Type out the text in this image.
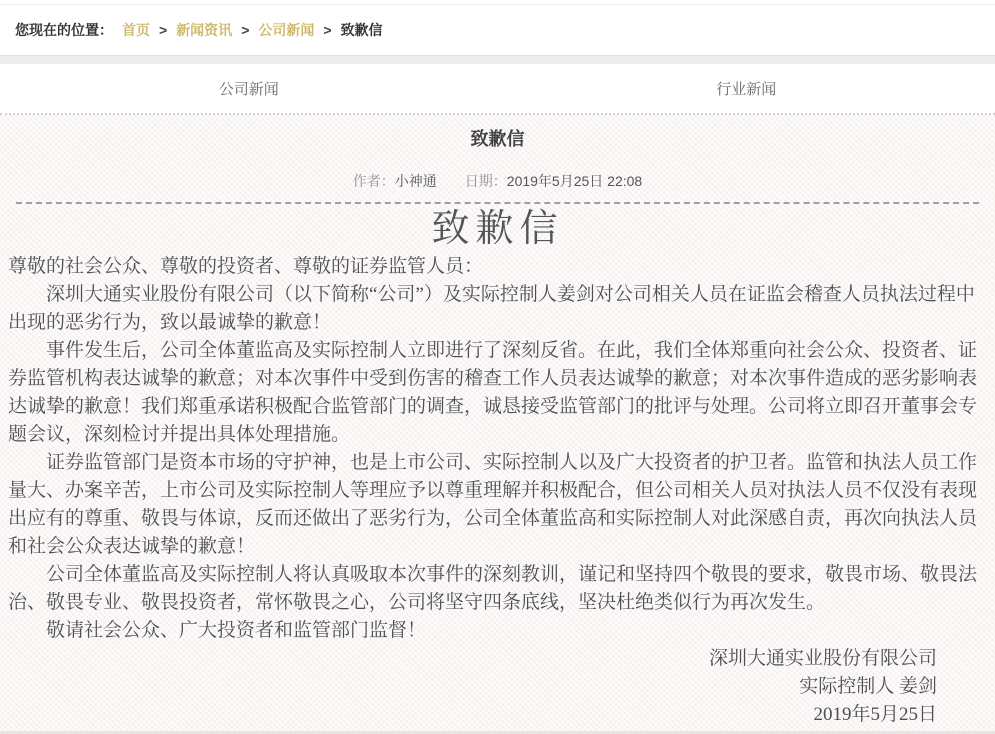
您现在的位置： 首页 > 新闻资讯 > 公司新闻 > 致歉信
公司新闻	行业新闻
致歉信
作者：小神通 日期：2019年5月25日 22:08
致歉信

尊敬的社会公众、尊敬的投资者、尊敬的证券监管人员：

深圳大通实业股份有限公司（以下简称“公司”）及实际控制人姜剑对公司相关人员在证监会稽查人员执法过程中出现的恶劣行为，致以最诚挚的歉意！

事件发生后，公司全体董监高及实际控制人立即进行了深刻反省。在此，我们全体郑重向社会公众、投资者、证券监管机构表达诚挚的歉意；对本次事件中受到伤害的稽查工作人员表达诚挚的歉意；对本次事件造成的恶劣影响表达诚挚的歉意！我们郑重承诺积极配合监管部门的调查，诚恳接受监管部门的批评与处理。公司将立即召开董事会专题会议，深刻检讨并提出具体处理措施。

证券监管部门是资本市场的守护神，也是上市公司、实际控制人以及广大投资者的护卫者。监管和执法人员工作量大、办案辛苦，上市公司及实际控制人等理应予以尊重理解并积极配合，但公司相关人员对执法人员不仅没有表现出应有的尊重、敬畏与体谅，反而还做出了恶劣行为，公司全体董监高和实际控制人对此深感自责，再次向执法人员和社会公众表达诚挚的歉意！

公司全体董监高及实际控制人将认真吸取本次事件的深刻教训，谨记和坚持四个敬畏的要求，敬畏市场、敬畏法治、敬畏专业、敬畏投资者，常怀敬畏之心，公司将坚守四条底线，坚决杜绝类似行为再次发生。

敬请社会公众、广大投资者和监管部门监督！

深圳大通实业股份有限公司
实际控制人 姜剑
2019年5月25日
